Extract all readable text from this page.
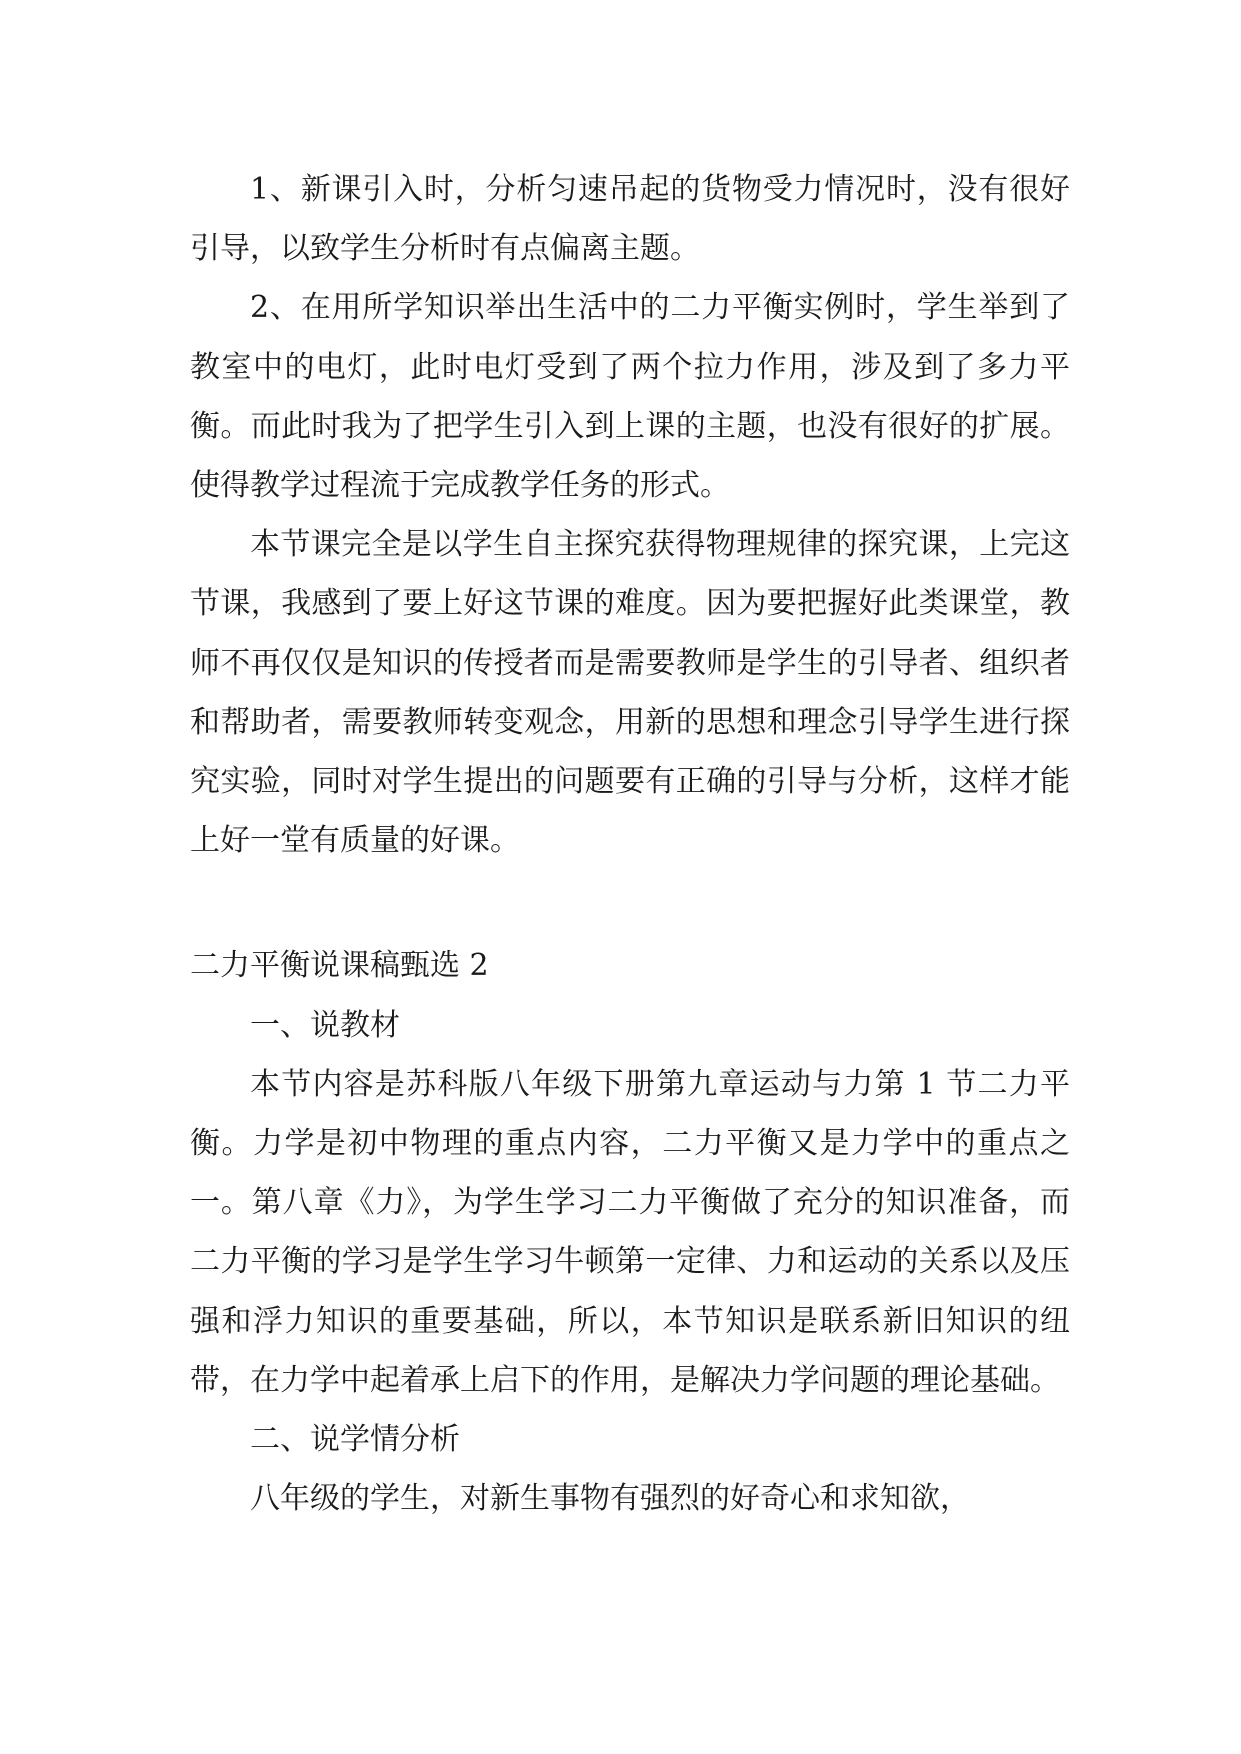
1、新课引入时，分析匀速吊起的货物受力情况时，没有很好引导，以致学生分析时有点偏离主题。

2、在用所学知识举出生活中的二力平衡实例时，学生举到了教室中的电灯，此时电灯受到了两个拉力作用，涉及到了多力平衡。而此时我为了把学生引入到上课的主题，也没有很好的扩展。使得教学过程流于完成教学任务的形式。

本节课完全是以学生自主探究获得物理规律的探究课，上完这节课，我感到了要上好这节课的难度。因为要把握好此类课堂，教师不再仅仅是知识的传授者而是需要教师是学生的引导者、组织者和帮助者，需要教师转变观念，用新的思想和理念引导学生进行探究实验，同时对学生提出的问题要有正确的引导与分析，这样才能上好一堂有质量的好课。

二力平衡说课稿甄选 2

一、说教材

本节内容是苏科版八年级下册第九章运动与力第 1 节二力平衡。力学是初中物理的重点内容，二力平衡又是力学中的重点之一。第八章《力》，为学生学习二力平衡做了充分的知识准备，而二力平衡的学习是学生学习牛顿第一定律、力和运动的关系以及压强和浮力知识的重要基础，所以，本节知识是联系新旧知识的纽带，在力学中起着承上启下的作用，是解决力学问题的理论基础。

二、说学情分析

八年级的学生，对新生事物有强烈的好奇心和求知欲，
